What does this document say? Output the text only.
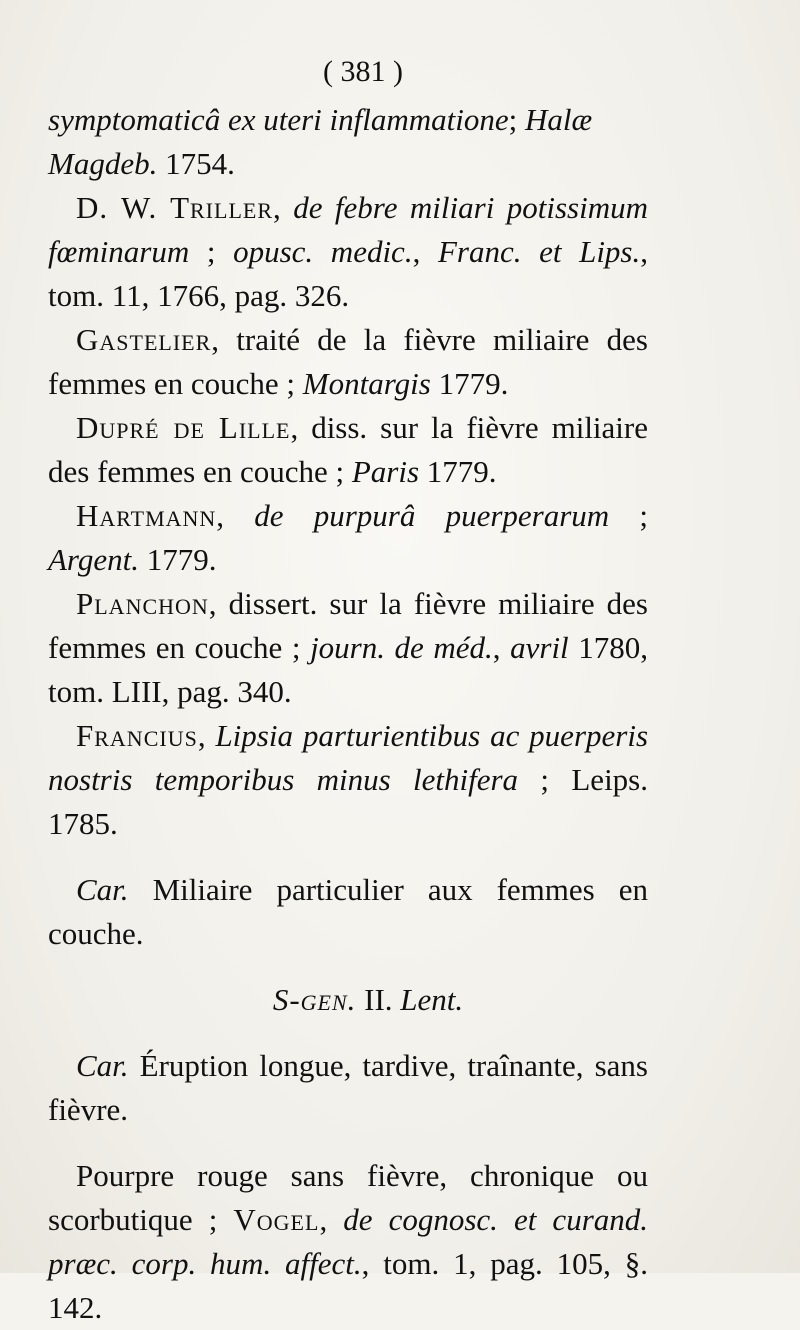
( 381 )

symptomaticâ ex uteri inflammatione; Halæ
Magdeb. 1754.

D. W. Triller, de febre miliari potissimum fœminarum ; opusc. medic., Franc. et Lips., tom. 11, 1766, pag. 326.

Gastelier, traité de la fièvre miliaire des femmes en couche ; Montargis 1779.

Dupré de Lille, diss. sur la fièvre miliaire des femmes en couche ; Paris 1779.

Hartmann, de purpurâ puerperarum ; Argent. 1779.

Planchon, dissert. sur la fièvre miliaire des femmes en couche ; journ. de méd., avril 1780, tom. LIII, pag. 340.

Francius, Lipsia parturientibus ac puerperis nostris temporibus minus lethifera ; Leips. 1785.

Car. Miliaire particulier aux femmes en couche.

S-gen. II. Lent.

Car. Éruption longue, tardive, traînante, sans fièvre.

Pourpre rouge sans fièvre, chronique ou scorbutique ; Vogel, de cognosc. et curand. præc. corp. hum. affect., tom. 1, pag. 105, §. 142.
